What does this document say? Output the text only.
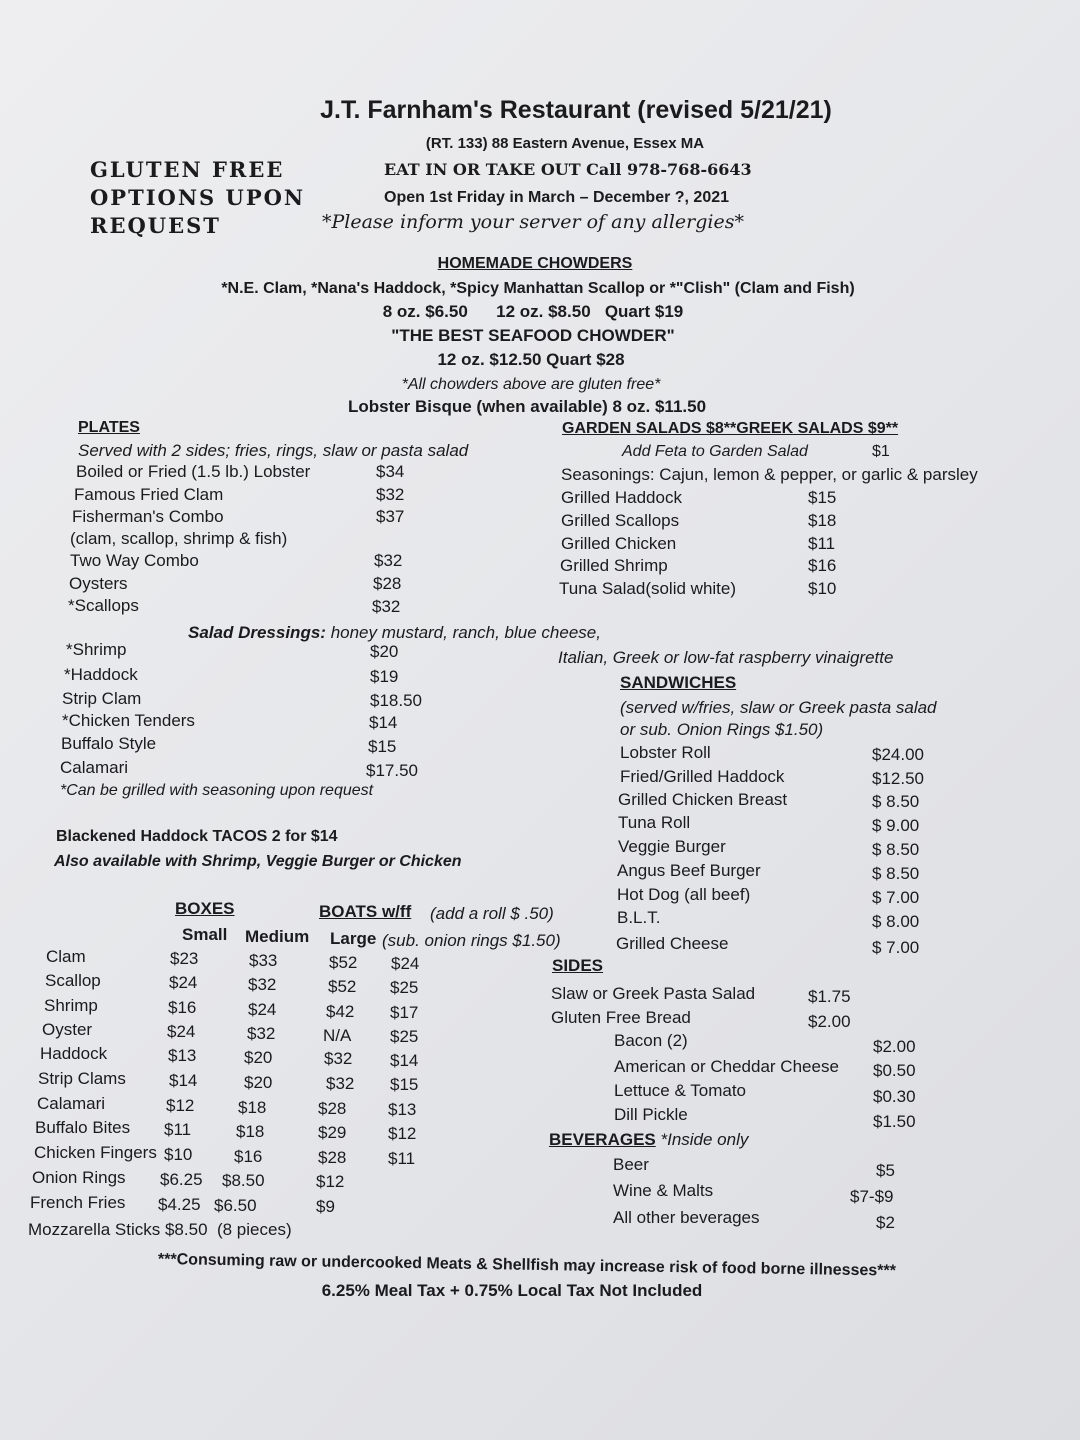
J.T. Farnham's Restaurant (revised 5/21/21)
(RT. 133) 88 Eastern Avenue, Essex MA
EAT IN OR TAKE OUT Call 978-768-6643
Open 1st Friday in March – December ?, 2021
*Please inform your server of any allergies*
GLUTEN FREE
OPTIONS UPON
REQUEST
HOMEMADE CHOWDERS
*N.E. Clam, *Nana's Haddock, *Spicy Manhattan Scallop or *"Clish" (Clam and Fish)
8 oz. $6.50      12 oz. $8.50   Quart $19
"THE BEST SEAFOOD CHOWDER"
12 oz. $12.50 Quart $28
*All chowders above are gluten free*
Lobster Bisque (when available) 8 oz. $11.50
PLATES
Served with 2 sides; fries, rings, slaw or pasta salad
Boiled or Fried (1.5 lb.) Lobster	$34
Famous Fried Clam	$32
Fisherman's Combo	$37
(clam, scallop, shrimp & fish)
Two Way Combo	$32
Oysters	$28
*Scallops	$32
Salad Dressings: honey mustard, ranch, blue cheese,
*Shrimp	$20
*Haddock	$19
Strip Clam	$18.50
*Chicken Tenders	$14
Buffalo Style	$15
Calamari	$17.50
*Can be grilled with seasoning upon request
Blackened Haddock TACOS 2 for $14
Also available with Shrimp, Veggie Burger or Chicken
GARDEN SALADS $8**GREEK SALADS $9**
Add Feta to Garden Salad	$1
Seasonings: Cajun, lemon & pepper, or garlic & parsley
Grilled Haddock	$15
Grilled Scallops	$18
Grilled Chicken	$11
Grilled Shrimp	$16
Tuna Salad(solid white)	$10
Italian, Greek or low-fat raspberry vinaigrette
SANDWICHES
(served w/fries, slaw or Greek pasta salad
or sub. Onion Rings $1.50)
Lobster Roll	$24.00
Fried/Grilled Haddock	$12.50
Grilled Chicken Breast	$ 8.50
Tuna Roll	$ 9.00
Veggie Burger	$ 8.50
Angus Beef Burger	$ 8.50
Hot Dog (all beef)	$ 7.00
B.L.T.	$ 8.00
Grilled Cheese	$ 7.00
BOXES	BOATS w/ff (add a roll $ .50)
Small Medium Large (sub. onion rings $1.50)
Clam	$23	$33	$52 $24
Scallop	$24	$32	$52 $25
Shrimp	$16	$24	$42 $17
Oyster	$24	$32	N/A $25
Haddock	$13	$20	$32 $14
Strip Clams	$14	$20	$32 $15
Calamari	$12	$18	$28 $13
Buffalo Bites $11	$18	$29 $12
Chicken Fingers $10 $16	$28 $11
Onion Rings $6.25 $8.50	$12
French Fries $4.25 $6.50	$9
Mozzarella Sticks $8.50  (8 pieces)
SIDES
Slaw or Greek Pasta Salad	$1.75
Gluten Free Bread	$2.00
Bacon (2)	$2.00
American or Cheddar Cheese $0.50
Lettuce & Tomato	$0.30
Dill Pickle	$1.50
BEVERAGES *Inside only
Beer	$5
Wine & Malts	$7-$9
All other beverages	$2
***Consuming raw or undercooked Meats & Shellfish may increase risk of food borne illnesses***
6.25% Meal Tax + 0.75% Local Tax Not Included
